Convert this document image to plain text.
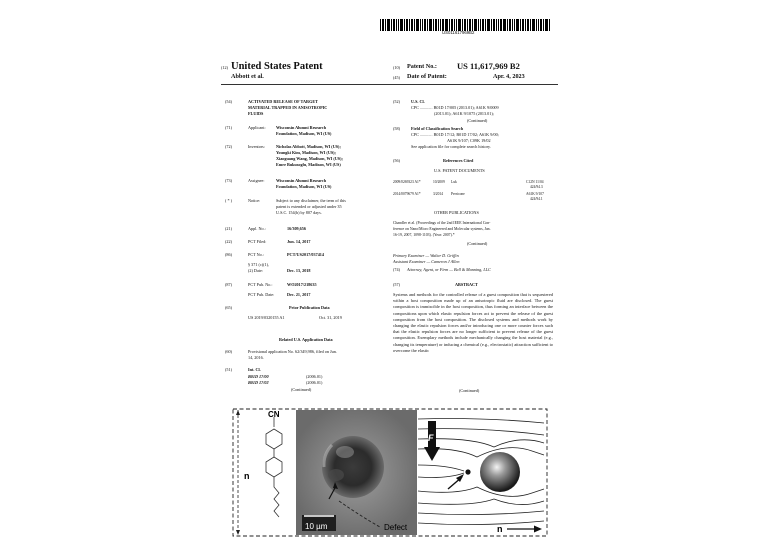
US011617969B2
(12) United States Patent
Abbott et al.
(10) Patent No.: US 11,617,969 B2
(45) Date of Patent:	Apr. 4, 2023
(54)	ACTIVATED RELEASE OF TARGET
MATERIAL TRAPPED IN ANISOTROPIC
FLUIDS
(71)	Applicant: Wisconsin Alumni Research
Foundation, Madison, WI (US)
(72)	Inventors:	Nicholas Abbott, Madison, WI (US);
Youngki Kim, Madison, WI (US);
Xiaoguang Wang, Madison, WI (US);
Emre Bukusoglu, Madison, WI (US)
(73)	Assignee:	Wisconsin Alumni Research
Foundation, Madison, WI (US)
( * )	Notice:	Subject to any disclaimer, the term of this
patent is extended or adjusted under 35
U.S.C. 154(b) by 807 days.
(21)	Appl. No.:	16/309,656
(22)	PCT Filed:	Jun. 14, 2017
(86)	PCT No.:	PCT/US2017/037414
§ 371 (c)(1),
(2) Date:	Dec. 13, 2018
(87)	PCT Pub. No.:	WO2017/218635
PCT Pub. Date:	Dec. 21, 2017
(65)	Prior Publication Data
US 2019/0320155 A1	Oct. 31, 2019
Related U.S. Application Data
(60)	Provisional application No. 62/349,986, filed on Jun.
14, 2016.
(51)	Int. Cl.
B01D 17/00	(2006.01)
B01D 17/02	(2006.01)
(Continued)
(52)	U.S. Cl.
CPC ............ B01D 17/005 (2013.01); A61K 9/0009
(2013.01); A61K 9/1075 (2013.01);
(Continued)
(58)	Field of Classification Search
CPC ............ B01D 17/12; B01D 17/02; A61K 9/00;
A61K 9/107; C09K 19/02
See application file for complete search history.
(56)	References Cited
U.S. PATENT DOCUMENTS
2009/0269323 A1*	10/2009 Luk	C12N 11/04
424/94.3
2014/0079679 A1*	3/2014 Perricone	A61K 9/107
424/94.1
OTHER PUBLICATIONS
Chandler et al. (Proceedings of the 2nd IEEE International Con-
ference on Nano/Micro Engineered and Molecular systems, Jan.
16-19, 2007, 1098-1103). (Year: 2007).*
(Continued)
Primary Examiner — Walter D. Griffin
Assistant Examiner — Cameron J Allen
(74) Attorney, Agent, or Firm — Bell & Manning, LLC
(57)	ABSTRACT
Systems and methods for the controlled release of a guest composition that is sequestered within a host composition made up of an anisotropic fluid are disclosed. The guest composition is immiscible in the host composition, thus forming an interface between the compositions upon which elastic repulsion forces act to prevent the release of the guest composition from the host composition. The disclosed systems and methods work by changing the elastic repulsion forces and/or introducing one or more counter forces such that the elastic repulsion forces are no longer sufficient to prevent release of the guest composition. Exemplary methods include mechanically changing the host material (e.g., changing its temperature) or inducing a chemical (e.g., electrostatic) attraction sufficient to overcome the elastic
(Continued)
CN
n
10 µm	Defect
F E
n
